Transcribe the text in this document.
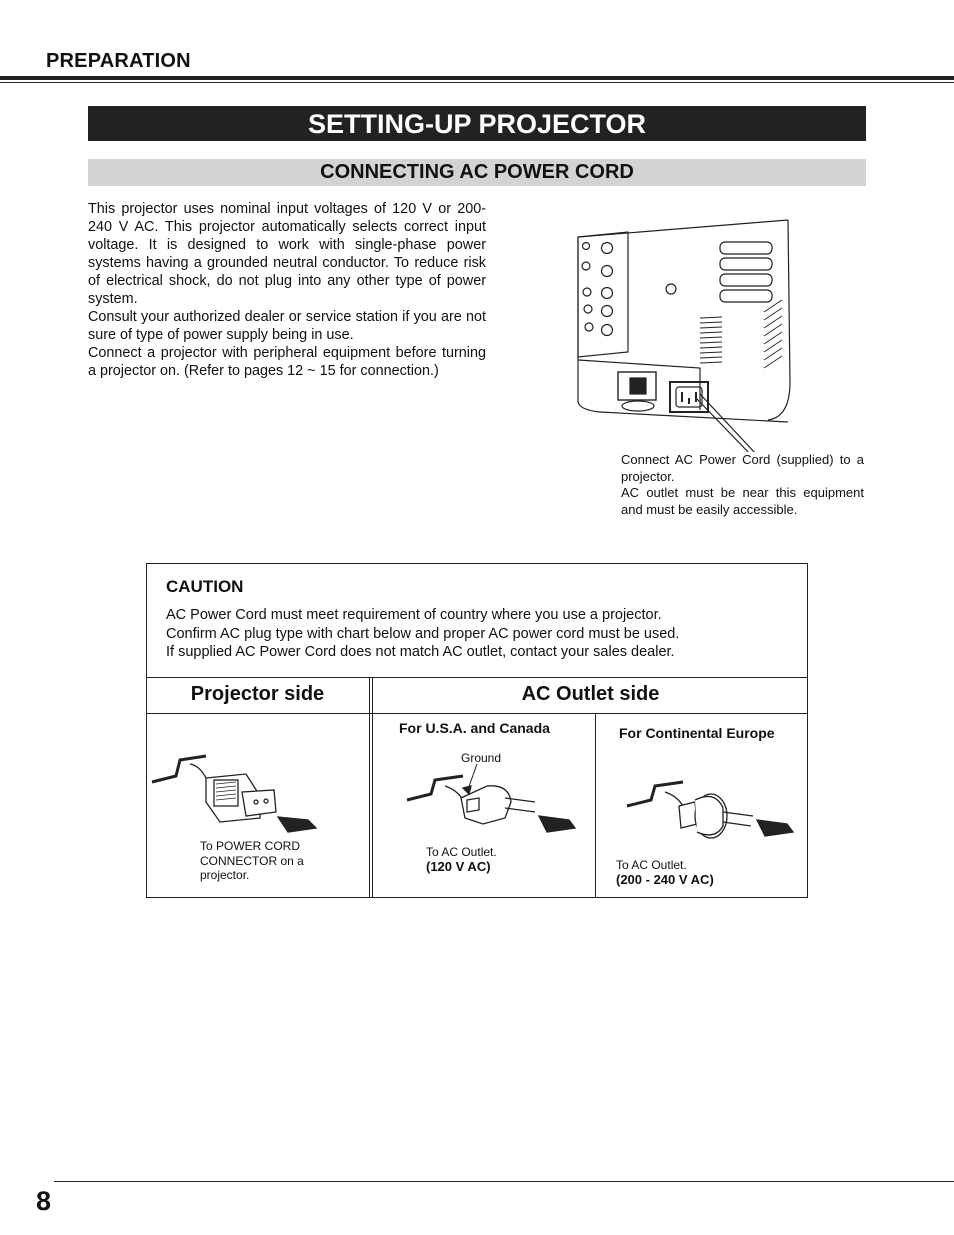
PREPARATION
SETTING-UP PROJECTOR
CONNECTING AC POWER CORD

This projector uses nominal input voltages of 120 V or 200-240 V AC. This projector automatically selects correct input voltage. It is designed to work with single-phase power systems having a grounded neutral conductor. To reduce risk of electrical shock, do not plug into any other type of power system.

Consult your authorized dealer or service station if you are not sure of type of power supply being in use.

Connect a projector with peripheral equipment before turning a projector on. (Refer to pages 12 ~ 15 for connection.)

Connect AC Power Cord (supplied) to a projector.

AC outlet must be near this equipment and must be easily accessible.

CAUTION

AC Power Cord must meet requirement of country where you use a projector.

Confirm AC plug type with chart below and proper AC power cord must be used.

If supplied AC Power Cord does not match AC outlet, contact your sales dealer.

Projector side	AC Outlet side
To POWER CORD CONNECTOR on a projector.
For U.S.A. and Canada
Ground
To AC Outlet.
(120 V AC)
For Continental Europe
To AC Outlet.
(200 - 240 V AC)
8
